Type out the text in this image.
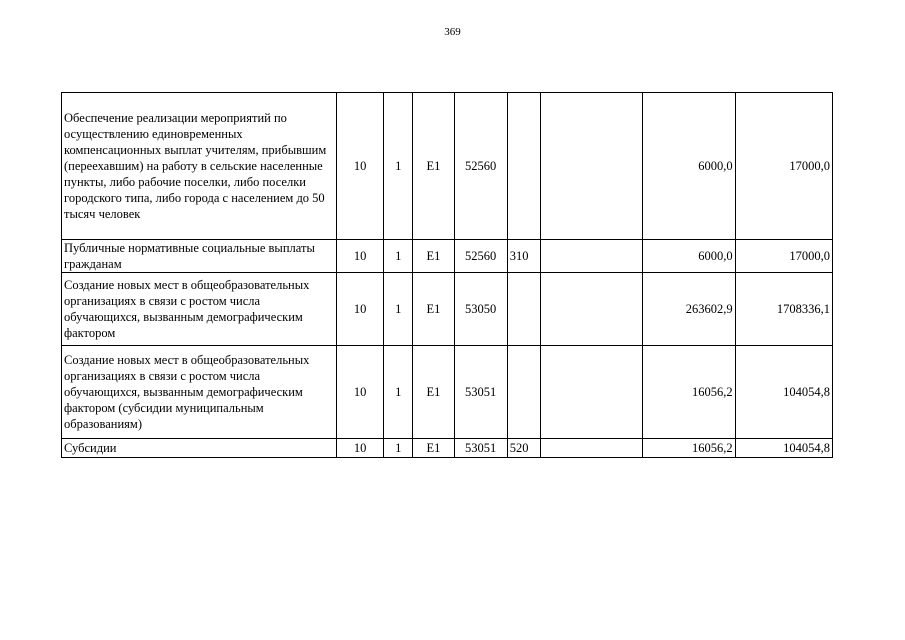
369
Обеспечение реализации мероприятий по осуществлению единовременных компенсационных выплат учителям, прибывшим (переехавшим) на работу в сельские населенные пункты, либо рабочие поселки, либо поселки городского типа, либо города с населением до 50 тысяч человек	10	1	E1	52560			6000,0	17000,0
Публичные нормативные социальные выплаты гражданам	10	1	E1	52560	310		6000,0	17000,0
Создание новых мест в общеобразовательных организациях в связи с ростом числа обучающихся, вызванным демографическим фактором	10	1	E1	53050			263602,9	1708336,1
Создание новых мест в общеобразовательных организациях в связи с ростом числа обучающихся, вызванным демографическим фактором (субсидии муниципальным образованиям)	10	1	E1	53051			16056,2	104054,8
Субсидии	10	1	E1	53051	520		16056,2	104054,8
